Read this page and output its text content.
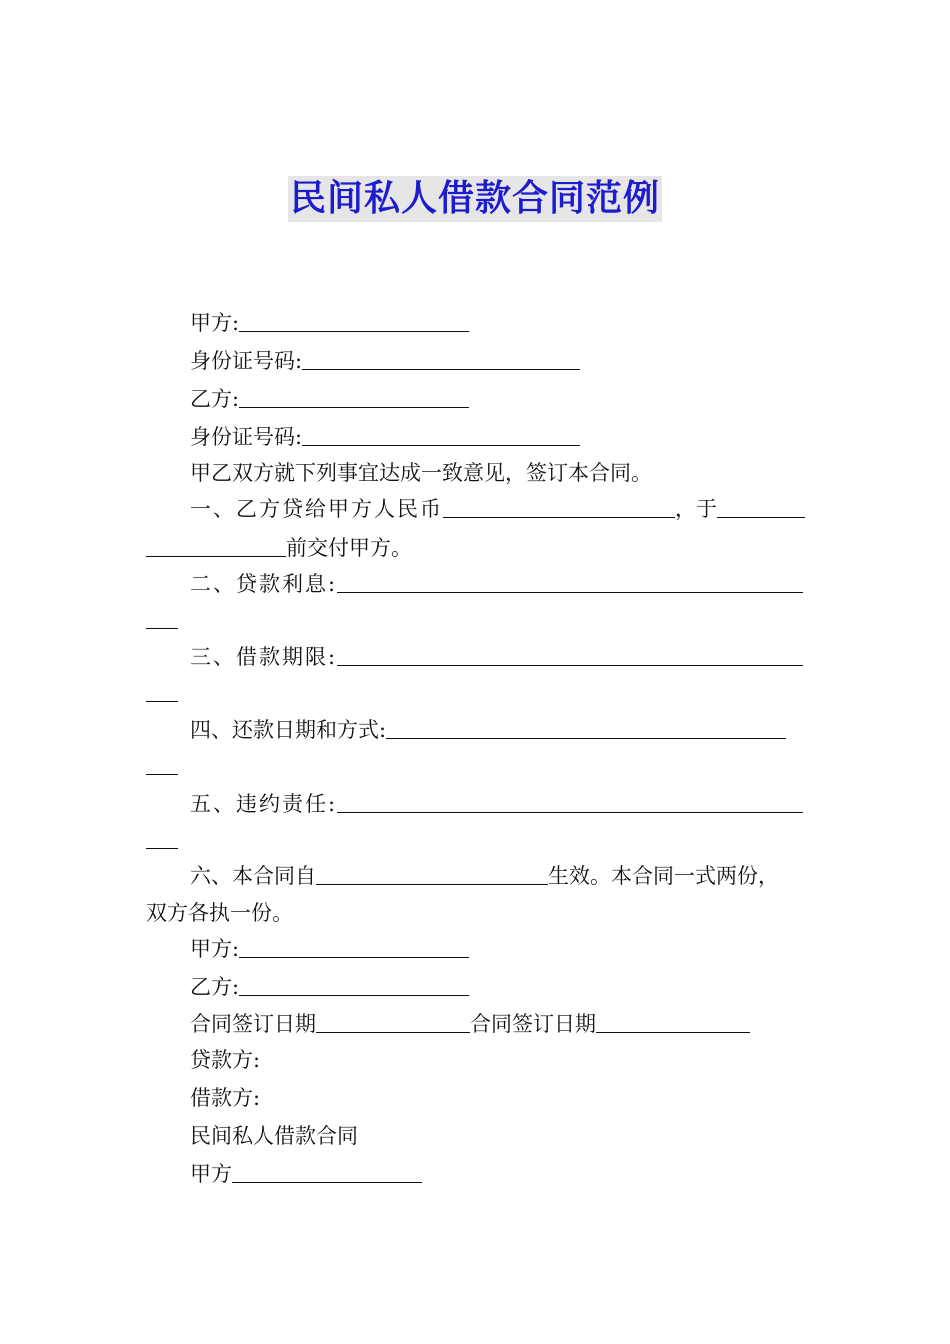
民间私人借款合同范例
甲方:
身份证号码:
乙方:
身份证号码:
甲乙双方就下列事宜达成一致意见，签订本合同。
一、乙方贷给甲方人民币	，于
前交付甲方。
二、贷款利息:
三、借款期限:
四、还款日期和方式:
五、违约责任:
六、本合同自	生效。本合同一式两份，
双方各执一份。
甲方:
乙方:
合同签订日期	合同签订日期
贷款方:
借款方:
民间私人借款合同
甲方
